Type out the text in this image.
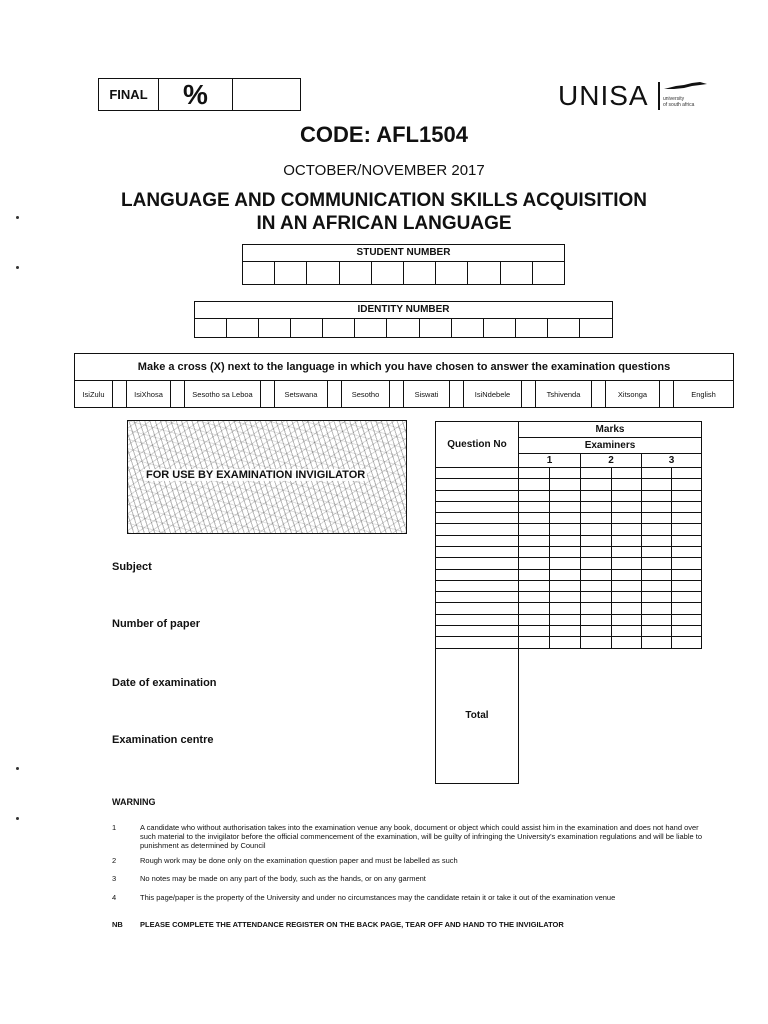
FINAL	%	UNISA	university
of south africa
CODE: AFL1504
OCTOBER/NOVEMBER 2017
LANGUAGE AND COMMUNICATION SKILLS ACQUISITION
IN AN AFRICAN LANGUAGE
STUDENT NUMBER
IDENTITY NUMBER
Make a cross (X) next to the language in which you have chosen to answer the examination questions
IsiZulu	IsiXhosa	Sesotho sa Leboa	Setswana	Sesotho	Siswati	IsiNdebele	Tshivenda	Xitsonga	English
FOR USE BY EXAMINATION INVIGILATOR
Subject
Number of paper
Date of examination
Examination centre
Question No	Marks					
	Examiners					
	1		2		3	

Total						
WARNING
1	A candidate who without authorisation takes into the examination venue any book, document or object which could assist him in the examination and does not hand over such material to the invigilator before the official commencement of the examination, will be guilty of infringing the University's examination regulations and will be liable to punishment as determined by Council
2	Rough work may be done only on the examination question paper and must be labelled as such
3	No notes may be made on any part of the body, such as the hands, or on any garment
4	This page/paper is the property of the University and under no circumstances may the candidate retain it or take it out of the examination venue
NB	PLEASE COMPLETE THE ATTENDANCE REGISTER ON THE BACK PAGE, TEAR OFF AND HAND TO THE INVIGILATOR
